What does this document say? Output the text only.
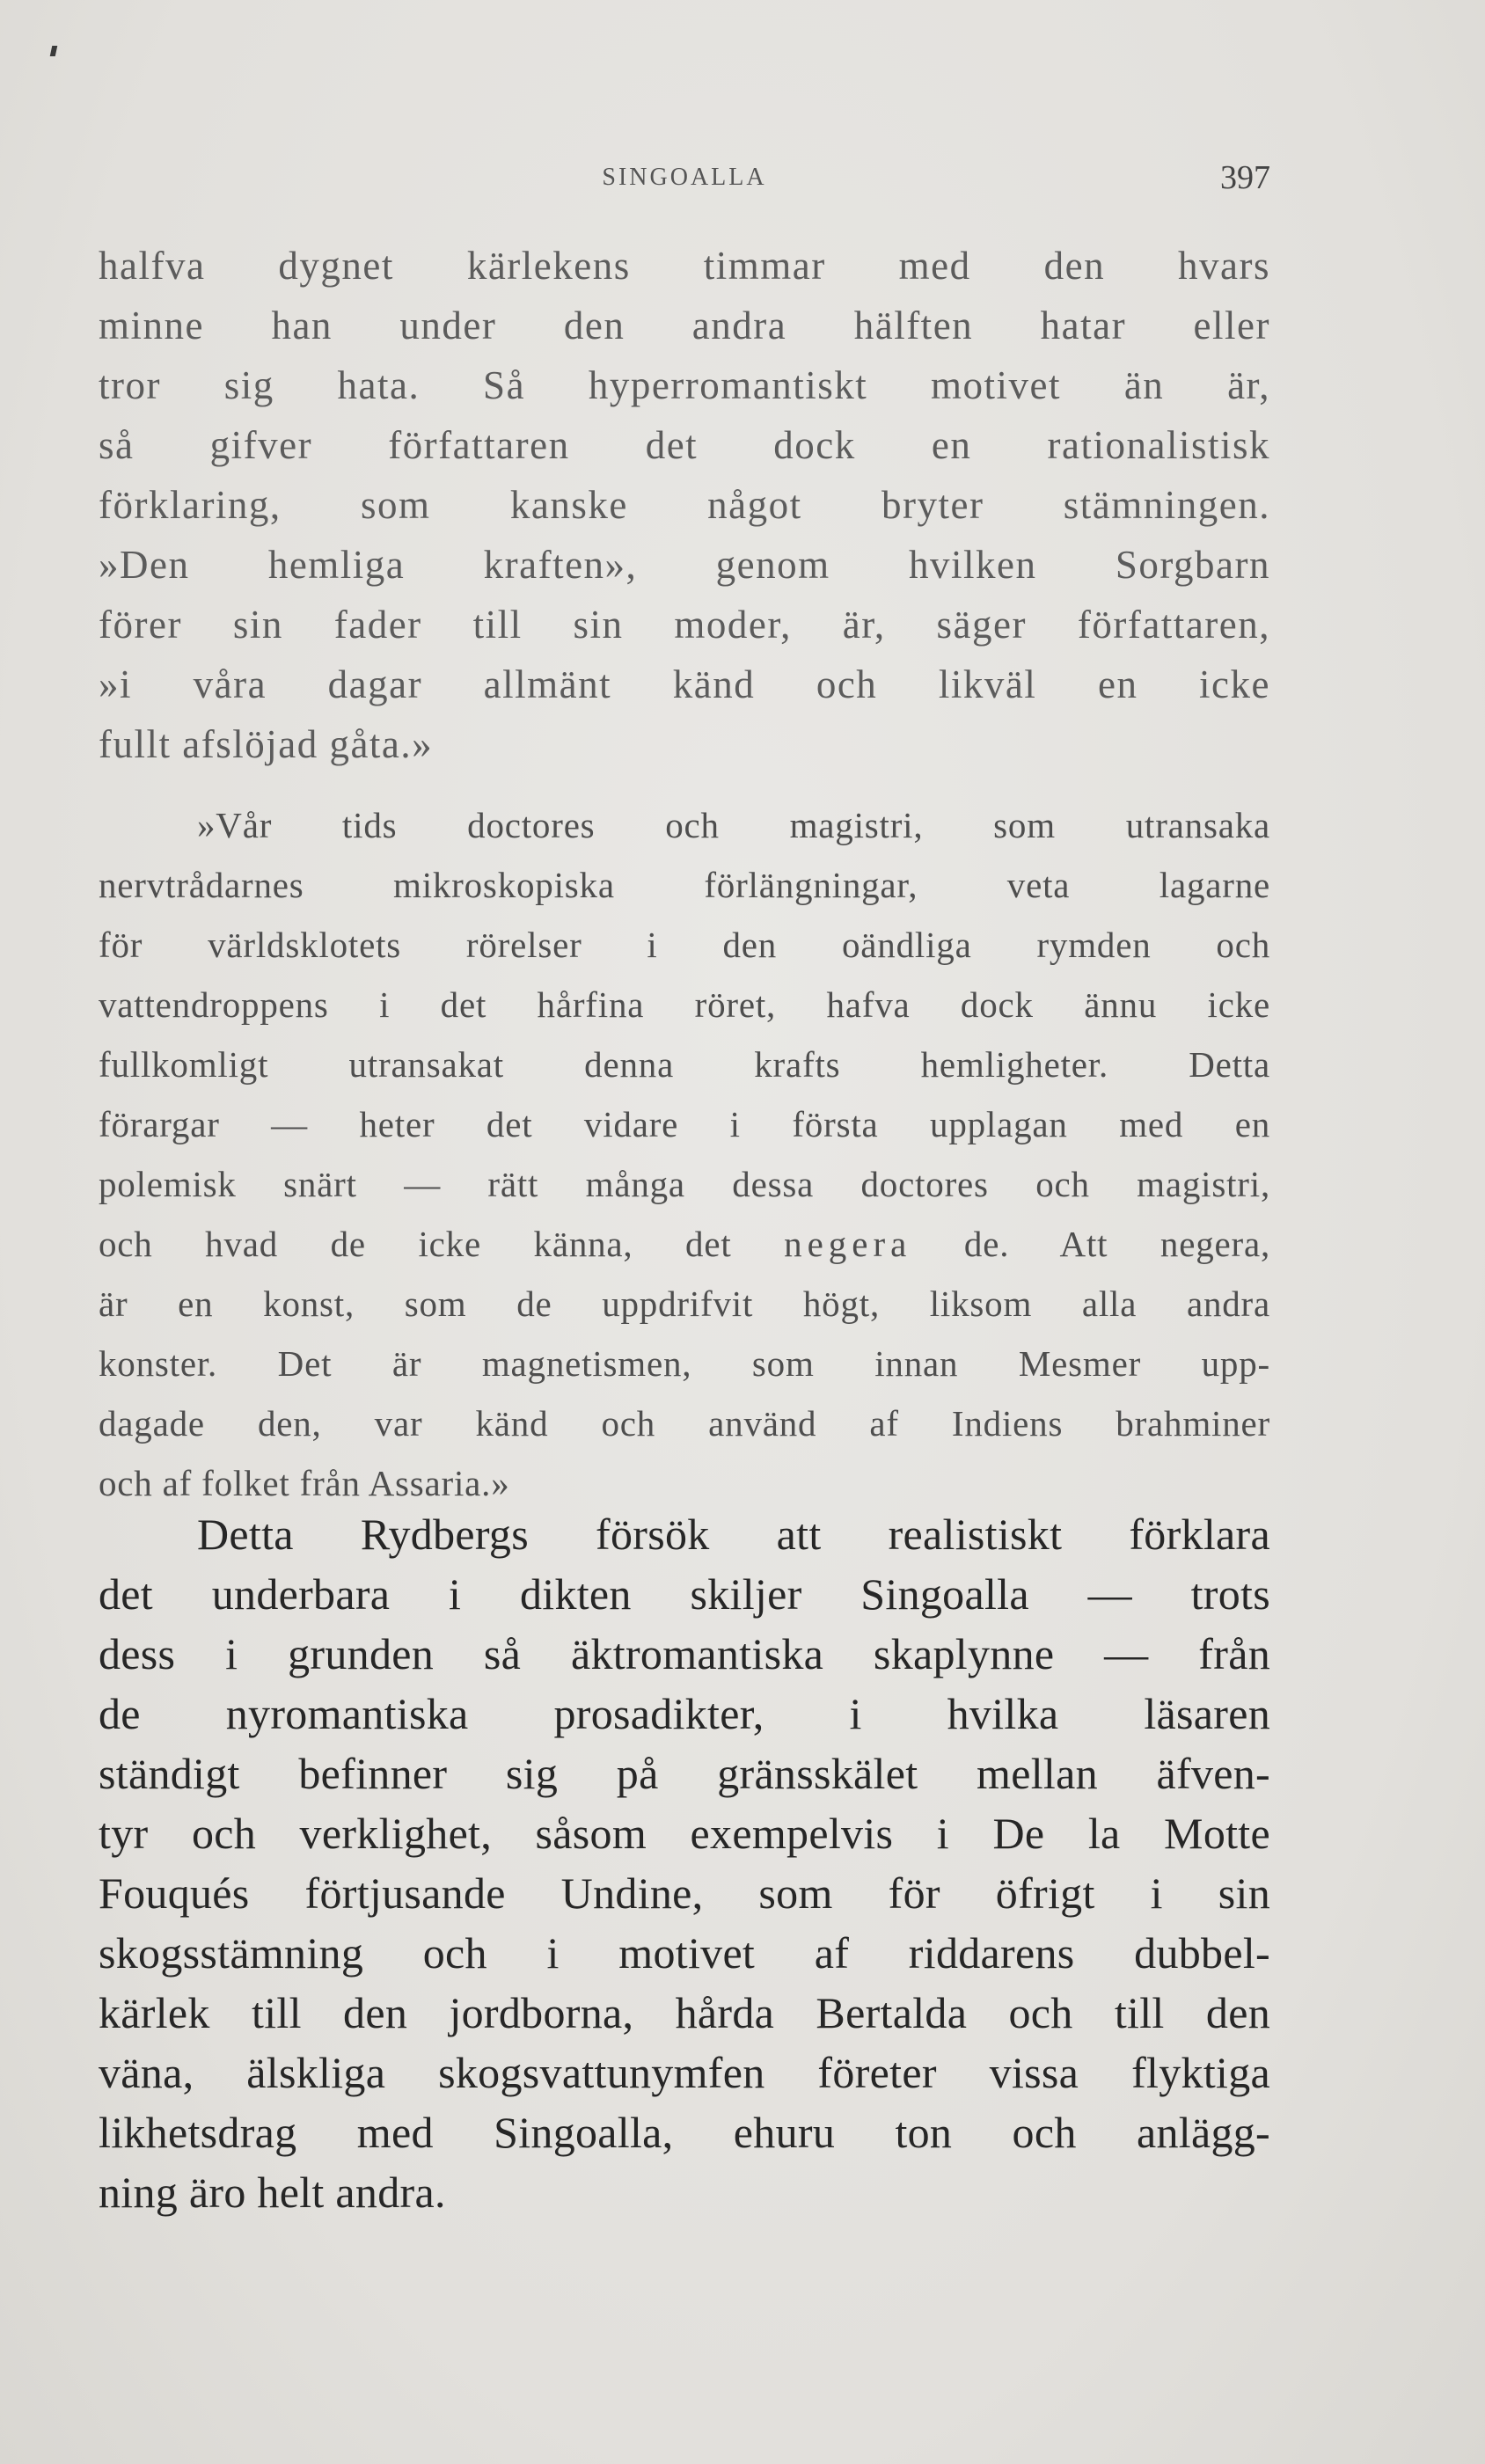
SINGOALLA	397
halfva dygnet kärlekens timmar med den hvars
minne han under den andra hälften hatar eller
tror sig hata. Så hyperromantiskt motivet än är,
så gifver författaren det dock en rationalistisk
förklaring, som kanske något bryter stämningen.
»Den hemliga kraften», genom hvilken Sorgbarn
förer sin fader till sin moder, är, säger författaren,
»i våra dagar allmänt känd och likväl en icke
fullt afslöjad gåta.»
»Vår tids doctores och magistri, som utransaka
nervtrådarnes mikroskopiska förlängningar, veta lagarne
för världsklotets rörelser i den oändliga rymden och
vattendroppens i det hårfina röret, hafva dock ännu icke
fullkomligt utransakat denna krafts hemligheter. Detta
förargar — heter det vidare i första upplagan med en
polemisk snärt — rätt många dessa doctores och magistri,
och hvad de icke känna, det negera de. Att negera,
är en konst, som de uppdrifvit högt, liksom alla andra
konster. Det är magnetismen, som innan Mesmer upp-
dagade den, var känd och använd af Indiens brahminer
och af folket från Assaria.»
Detta Rydbergs försök att realistiskt förklara
det underbara i dikten skiljer Singoalla — trots
dess i grunden så äktromantiska skaplynne — från
de nyromantiska prosadikter, i hvilka läsaren
ständigt befinner sig på gränsskälet mellan äfven-
tyr och verklighet, såsom exempelvis i De la Motte
Fouqués förtjusande Undine, som för öfrigt i sin
skogsstämning och i motivet af riddarens dubbel-
kärlek till den jordborna, hårda Bertalda och till den
väna, älskliga skogsvattunymfen företer vissa flyktiga
likhetsdrag med Singoalla, ehuru ton och anlägg-
ning äro helt andra.
